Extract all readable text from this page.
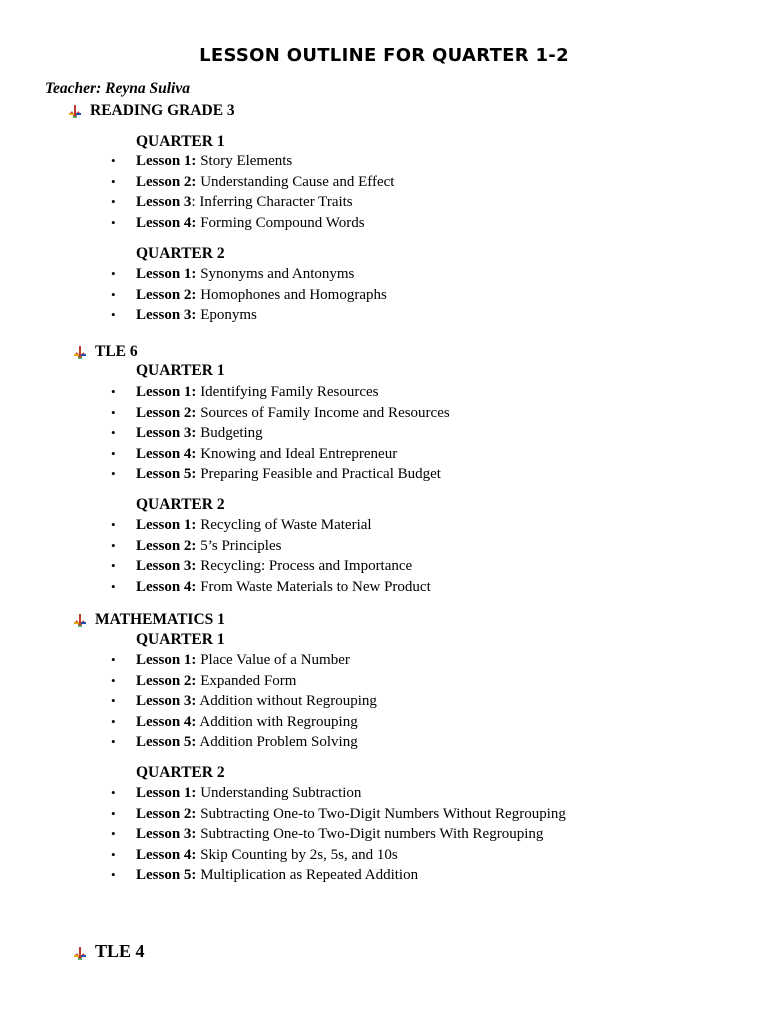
LESSON OUTLINE FOR QUARTER 1-2
Teacher: Reyna Suliva
READING GRADE 3
QUARTER 1
• Lesson 1: Story Elements
• Lesson 2: Understanding Cause and Effect
• Lesson 3: Inferring Character Traits
• Lesson 4: Forming Compound Words
QUARTER 2
• Lesson 1: Synonyms and Antonyms
• Lesson 2: Homophones and Homographs
• Lesson 3: Eponyms
TLE 6
QUARTER 1
• Lesson 1: Identifying Family Resources
• Lesson 2: Sources of Family Income and Resources
• Lesson 3: Budgeting
• Lesson 4: Knowing and Ideal Entrepreneur
• Lesson 5: Preparing Feasible and Practical Budget
QUARTER 2
• Lesson 1: Recycling of Waste Material
• Lesson 2: 5’s Principles
• Lesson 3: Recycling: Process and Importance
• Lesson 4: From Waste Materials to New Product
MATHEMATICS 1
QUARTER 1
• Lesson 1: Place Value of a Number
• Lesson 2: Expanded Form
• Lesson 3: Addition without Regrouping
• Lesson 4: Addition with Regrouping
• Lesson 5: Addition Problem Solving
QUARTER 2
• Lesson 1: Understanding Subtraction
• Lesson 2: Subtracting One-to Two-Digit Numbers Without Regrouping
• Lesson 3: Subtracting One-to Two-Digit numbers With Regrouping
• Lesson 4: Skip Counting by 2s, 5s, and 10s
• Lesson 5: Multiplication as Repeated Addition
TLE 4
